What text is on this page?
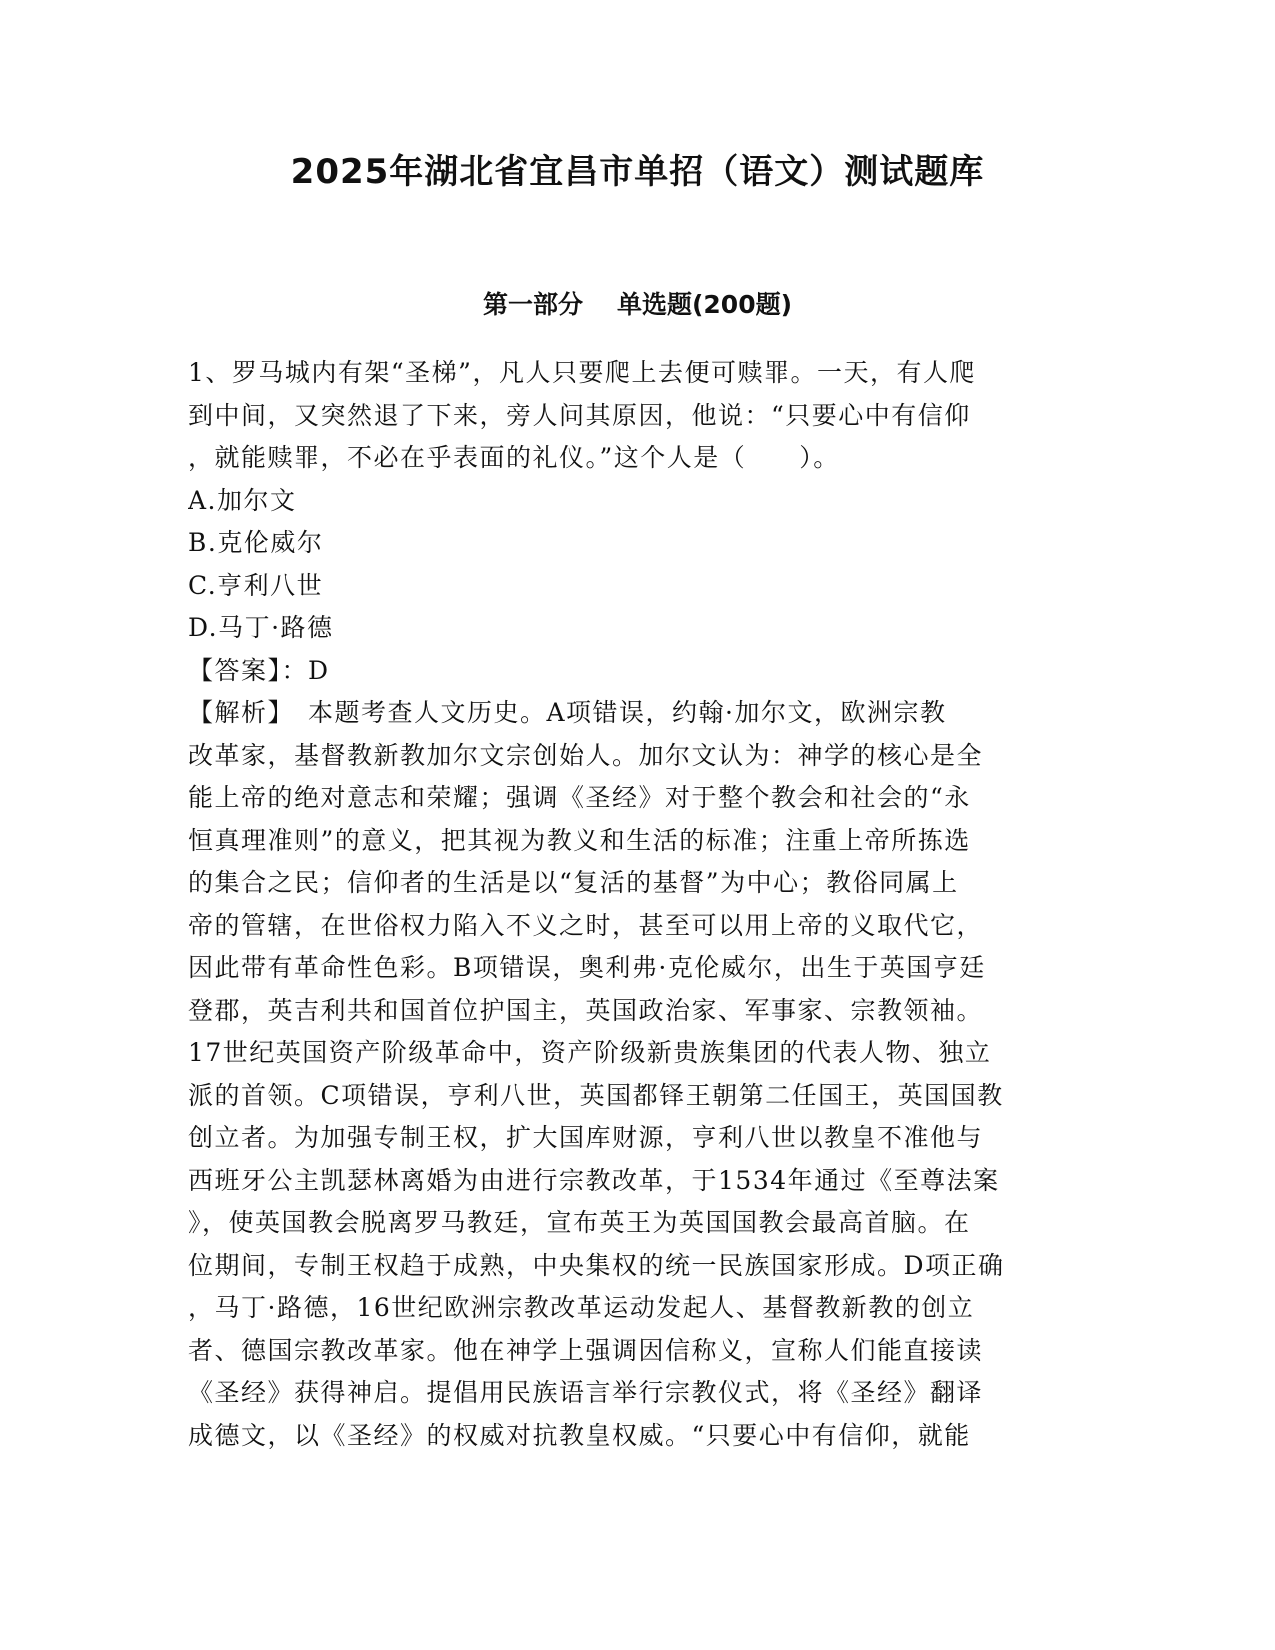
2025年湖北省宜昌市单招（语文）测试题库
第一部分 单选题(200题)
1、罗马城内有架“圣梯”，凡人只要爬上去便可赎罪。一天，有人爬
到中间，又突然退了下来，旁人问其原因，他说：“只要心中有信仰
，就能赎罪，不必在乎表面的礼仪。”这个人是（　　）。
A.加尔文
B.克伦威尔
C.亨利八世
D.马丁·路德
【答案】：D
【解析】　本题考查人文历史。A项错误，约翰·加尔文，欧洲宗教
改革家，基督教新教加尔文宗创始人。加尔文认为：神学的核心是全
能上帝的绝对意志和荣耀；强调《圣经》对于整个教会和社会的“永
恒真理准则”的意义，把其视为教义和生活的标准；注重上帝所拣选
的集合之民；信仰者的生活是以“复活的基督”为中心；教俗同属上
帝的管辖，在世俗权力陷入不义之时，甚至可以用上帝的义取代它，
因此带有革命性色彩。B项错误，奥利弗·克伦威尔，出生于英国亨廷
登郡，英吉利共和国首位护国主，英国政治家、军事家、宗教领袖。
17世纪英国资产阶级革命中，资产阶级新贵族集团的代表人物、独立
派的首领。C项错误，亨利八世，英国都铎王朝第二任国王，英国国教
创立者。为加强专制王权，扩大国库财源，亨利八世以教皇不准他与
西班牙公主凯瑟林离婚为由进行宗教改革，于1534年通过《至尊法案
》，使英国教会脱离罗马教廷，宣布英王为英国国教会最高首脑。在
位期间，专制王权趋于成熟，中央集权的统一民族国家形成。D项正确
，马丁·路德，16世纪欧洲宗教改革运动发起人、基督教新教的创立
者、德国宗教改革家。他在神学上强调因信称义，宣称人们能直接读
《圣经》获得神启。提倡用民族语言举行宗教仪式，将《圣经》翻译
成德文，以《圣经》的权威对抗教皇权威。“只要心中有信仰，就能
